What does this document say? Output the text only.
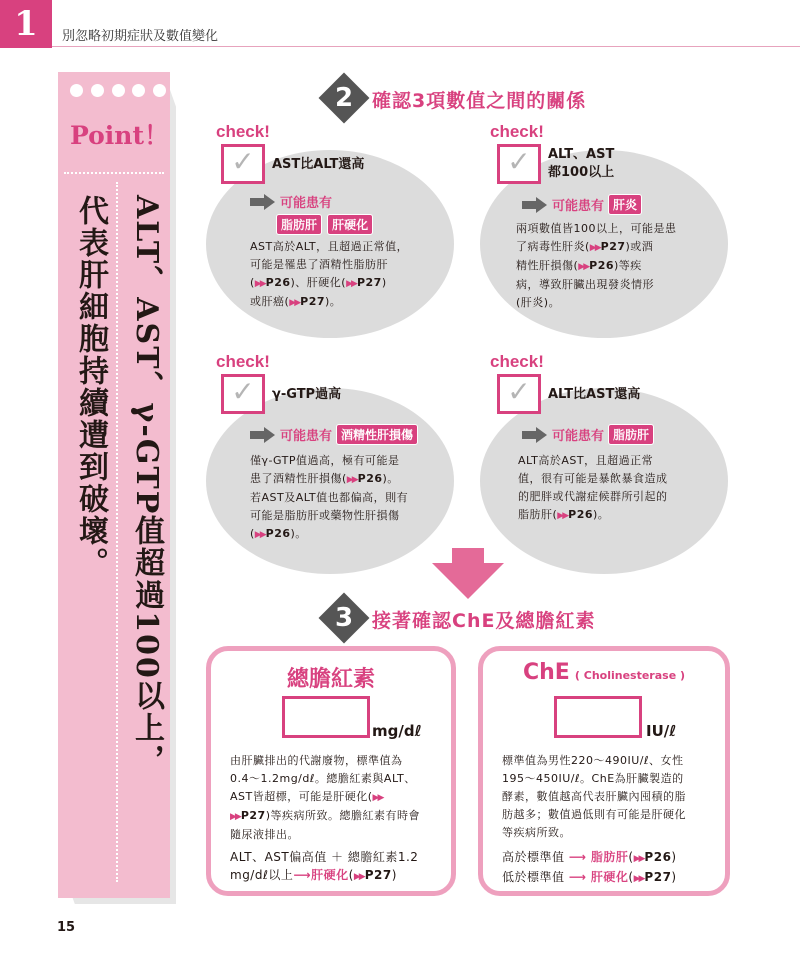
1	別忽略初期症狀及數值變化
Point！
ALT、AST、γ-GTP值超過100以上，
代表肝細胞持續遭到破壞。
2 確認3項數值之間的關係
check!
✓	AST比ALT還高
可能患有
脂肪肝 肝硬化
AST高於ALT，且超過正常值，
可能是罹患了酒精性脂肪肝
( ▶▶ P26)、肝硬化( ▶▶ P27)
或肝癌( ▶▶ P27)。
check!
✓	ALT、AST
都100以上
可能患有 肝炎
兩項數值皆100以上，可能是患
了病毒性肝炎( ▶▶ P27)或酒
精性肝損傷( ▶▶ P26)等疾
病，導致肝臟出現發炎情形
(肝炎)。
check!
✓	γ-GTP過高
可能患有 酒精性肝損傷
僅γ-GTP值過高，極有可能是
患了酒精性肝損傷( ▶▶ P26)。
若AST及ALT值也都偏高，則有
可能是脂肪肝或藥物性肝損傷
( ▶▶ P26)。
check!
✓	ALT比AST還高
可能患有 脂肪肝
ALT高於AST，且超過正常
值，很有可能是暴飲暴食造成
的肥胖或代謝症候群所引起的
脂肪肝( ▶▶ P26)。
3 接著確認ChE及總膽紅素
總膽紅素
mg/dℓ
由肝臟排出的代謝廢物，標準值為
0.4～1.2mg/dℓ。總膽紅素與ALT、
AST皆超標，可能是肝硬化(▶▶
▶▶ P27)等疾病所致。總膽紅素有時會
隨尿液排出。
ALT、AST偏高值 ＋ 總膽紅素1.2
mg/dℓ以上⟶肝硬化( ▶▶ P27)
ChE ( Cholinesterase )
IU/ℓ
標準值為男性220～490IU/ℓ、女性
195～450IU/ℓ。ChE為肝臟製造的
酵素，數值越高代表肝臟內囤積的脂
肪越多；數值過低則有可能是肝硬化
等疾病所致。
高於標準值 ⟶ 脂肪肝( ▶▶ P26)
低於標準值 ⟶ 肝硬化( ▶▶ P27)
15
